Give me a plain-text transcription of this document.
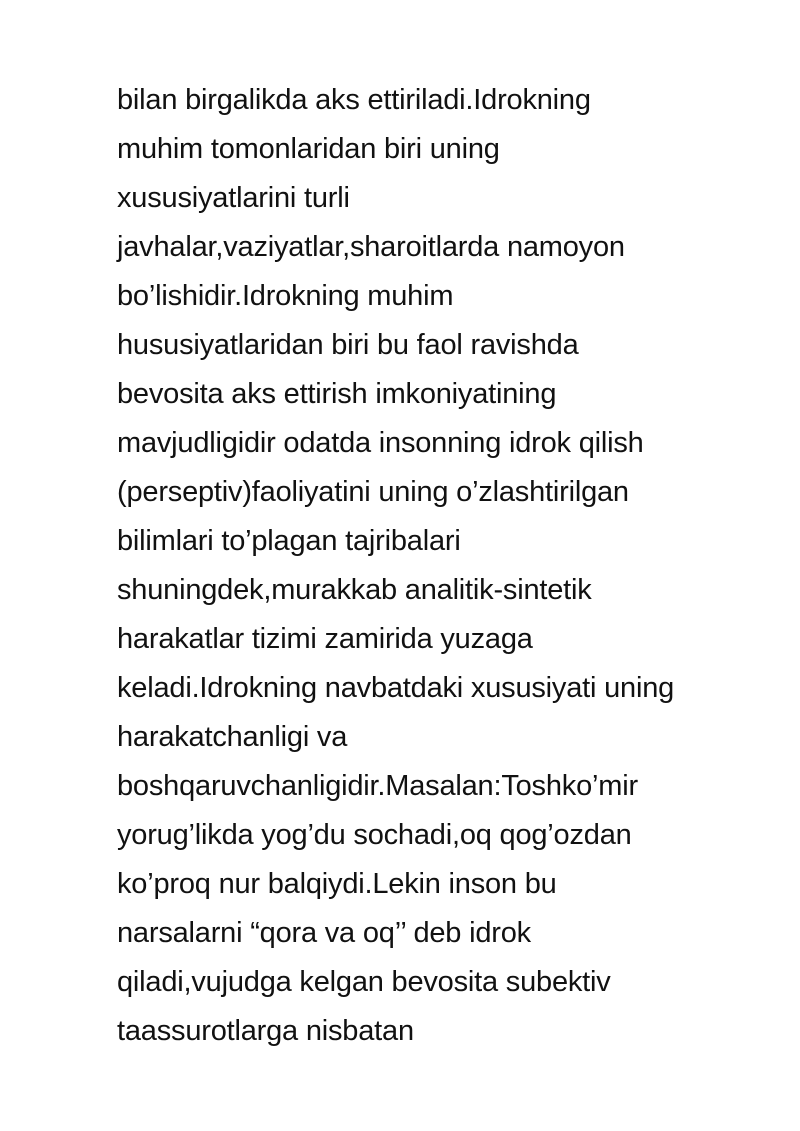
bilan birgalikda aks ettiriladi.Idrokning
muhim tomonlaridan biri uning
xususiyatlarini turli
javhalar,vaziyatlar,sharoitlarda namoyon
bo’lishidir.Idrokning muhim
hususiyatlaridan biri bu faol ravishda
bevosita aks ettirish imkoniyatining
mavjudligidir odatda insonning idrok qilish
(perseptiv)faoliyatini uning o’zlashtirilgan
bilimlari to’plagan tajribalari
shuningdek,murakkab analitik-sintetik
harakatlar tizimi zamirida yuzaga
keladi.Idrokning navbatdaki xususiyati uning
harakatchanligi va
boshqaruvchanligidir.Masalan:Toshko’mir
yorug’likda yog’du sochadi,oq qog’ozdan
ko’proq nur balqiydi.Lekin inson bu
narsalarni “qora va oq’’ deb idrok
qiladi,vujudga kelgan bevosita subektiv
taassurotlarga nisbatan
